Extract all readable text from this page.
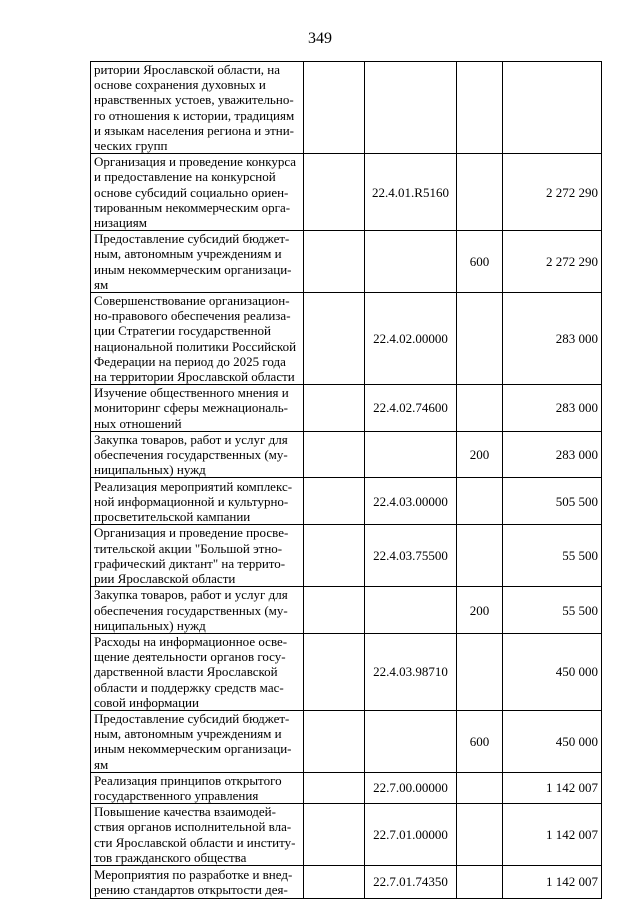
349
ритории Ярославской области, на основе сохранения духовных и нравственных устоев, уважительно-го отношения к истории, традициям и языкам населения региона и этни-ческих групп				
Организация и проведение конкурса и предоставление на конкурсной основе субсидий социально ориен-тированным некоммерческим орга-низациям		22.4.01.R5160		2 272 290
Предоставление субсидий бюджет-ным, автономным учреждениям и иным некоммерческим организаци-ям			600	2 272 290
Совершенствование организацион-но-правового обеспечения реализа-ции Стратегии государственной национальной политики Российской Федерации на период до 2025 года на территории Ярославской области		22.4.02.00000		283 000
Изучение общественного мнения и мониторинг сферы межнациональ-ных отношений		22.4.02.74600		283 000
Закупка товаров, работ и услуг для обеспечения государственных (му-ниципальных) нужд			200	283 000
Реализация мероприятий комплекс-ной информационной и культурно-просветительской кампании		22.4.03.00000		505 500
Организация и проведение просве-тительской акции "Большой этно-графический диктант" на террито-рии Ярославской области		22.4.03.75500		55 500
Закупка товаров, работ и услуг для обеспечения государственных (му-ниципальных) нужд			200	55 500
Расходы на информационное осве-щение деятельности органов госу-дарственной власти Ярославской области и поддержку средств мас-совой информации		22.4.03.98710		450 000
Предоставление субсидий бюджет-ным, автономным учреждениям и иным некоммерческим организаци-ям			600	450 000
Реализация принципов открытого государственного управления		22.7.00.00000		1 142 007
Повышение качества взаимодей-ствия органов исполнительной вла-сти Ярославской области и институ-тов гражданского общества		22.7.01.00000		1 142 007
Мероприятия по разработке и внед-рению стандартов открытости дея-		22.7.01.74350		1 142 007
